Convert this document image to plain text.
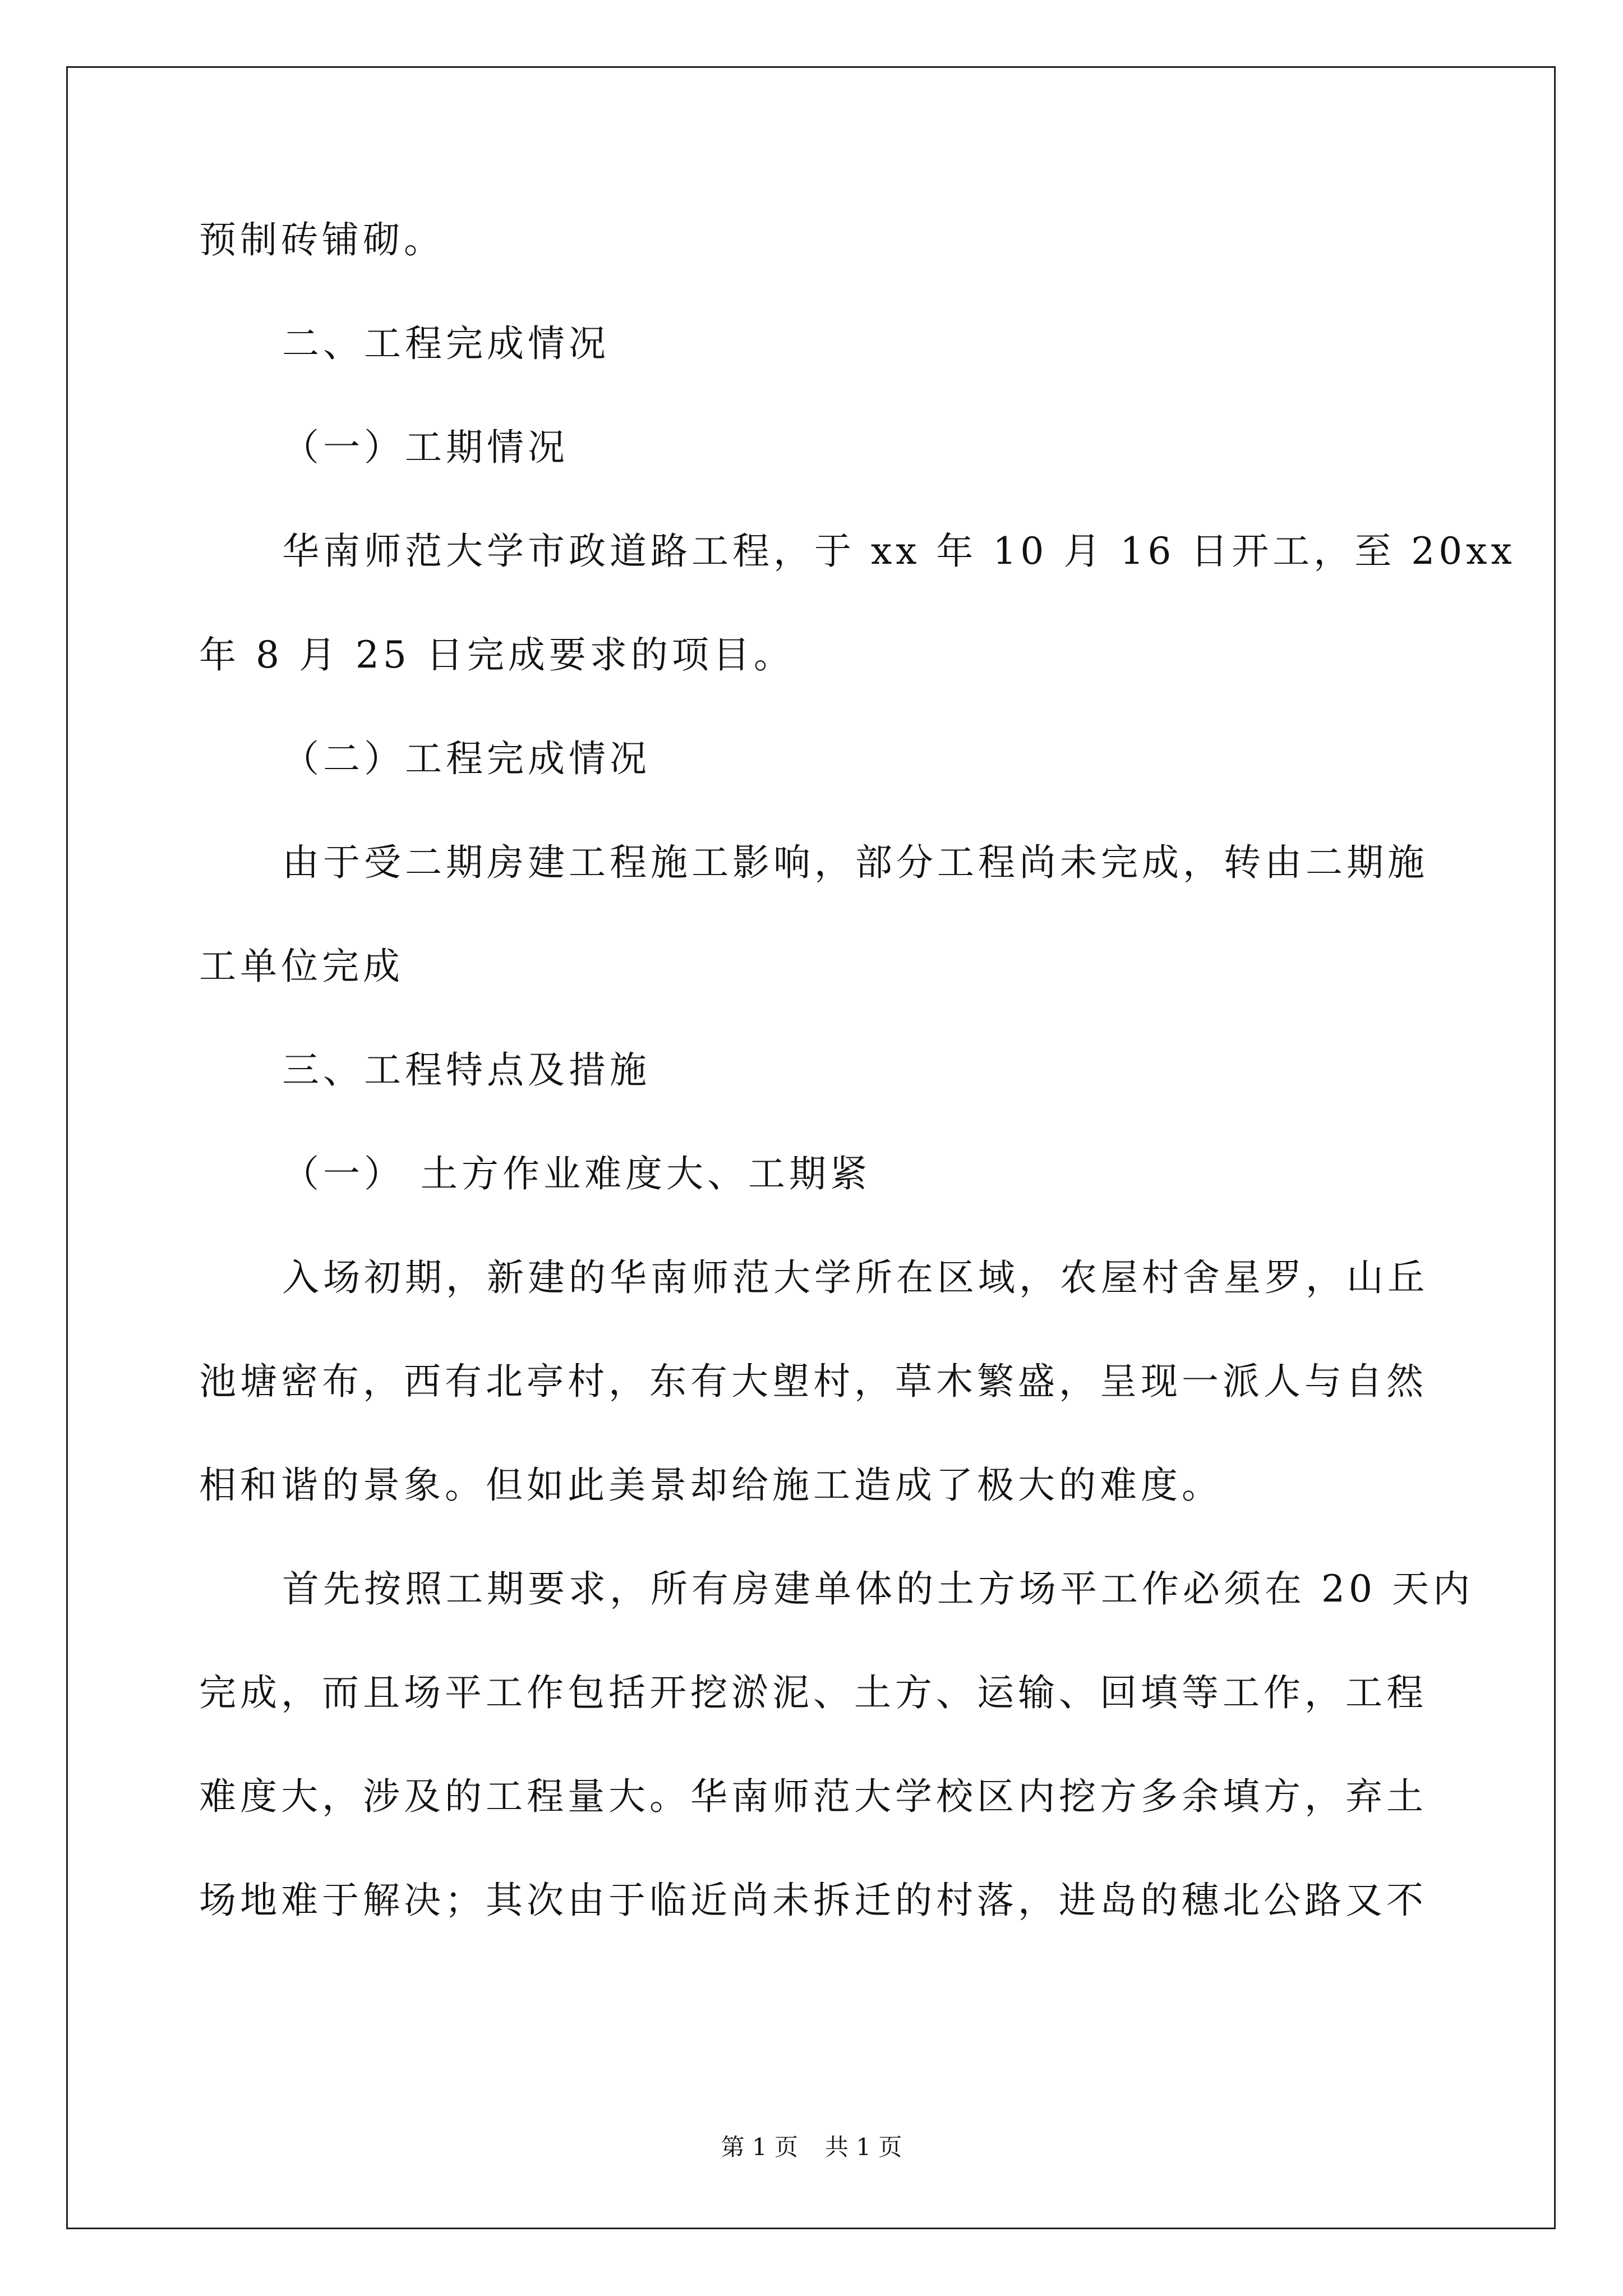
预制砖铺砌。
二、工程完成情况
（一）工期情况
华南师范大学市政道路工程，于 xx 年 10 月 16 日开工，至 20xx
年 8 月 25 日完成要求的项目。
（二）工程完成情况
由于受二期房建工程施工影响，部分工程尚未完成，转由二期施
工单位完成
三、工程特点及措施
（一） 土方作业难度大、工期紧
入场初期，新建的华南师范大学所在区域，农屋村舍星罗，山丘
池塘密布，西有北亭村，东有大塱村，草木繁盛，呈现一派人与自然
相和谐的景象。但如此美景却给施工造成了极大的难度。
首先按照工期要求，所有房建单体的土方场平工作必须在 20 天内
完成，而且场平工作包括开挖淤泥、土方、运输、回填等工作，工程
难度大，涉及的工程量大。华南师范大学校区内挖方多余填方，弃土
场地难于解决；其次由于临近尚未拆迁的村落，进岛的穗北公路又不
第 1 页 共 1 页
